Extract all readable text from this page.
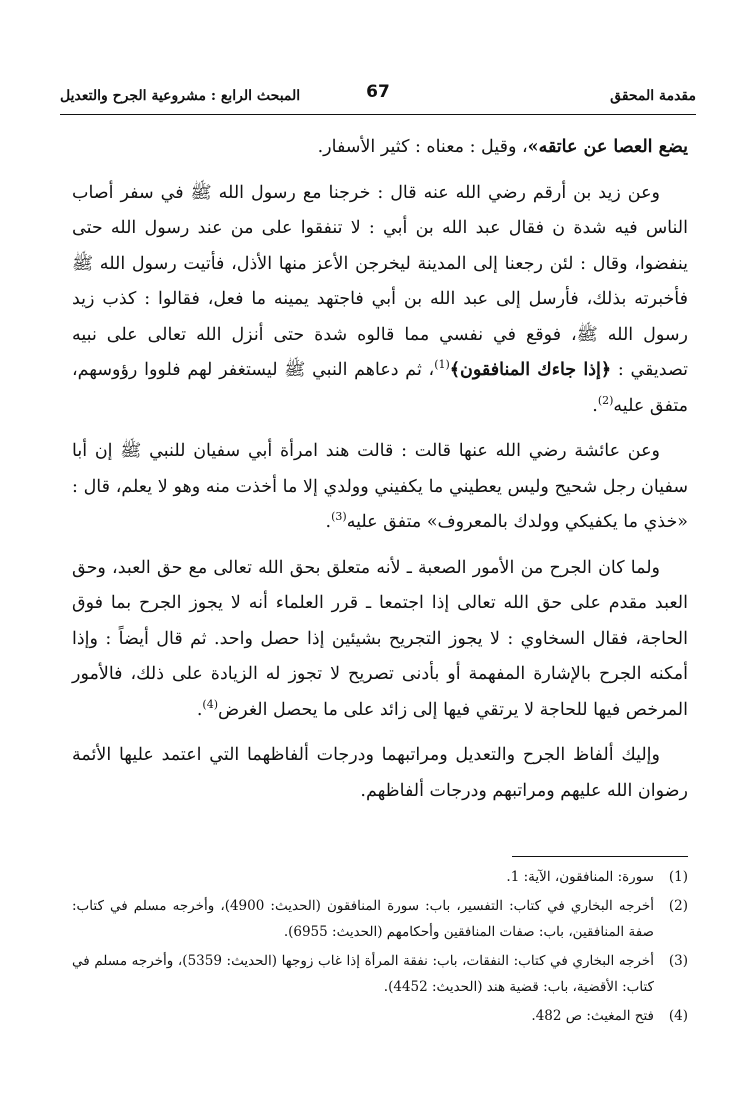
مقدمة المحقق
67
المبحث الرابع : مشروعية الجرح والتعديل

يضع العصا عن عاتقه»، وقيل : معناه : كثير الأسفار.

وعن زيد بن أرقم رضي الله عنه قال : خرجنا مع رسول الله ﷺ في سفر أصاب الناس فيه شدة ن فقال عبد الله بن أبي : لا تنفقوا على من عند رسول الله حتى ينفضوا، وقال : لئن رجعنا إلى المدينة ليخرجن الأعز منها الأذل، فأتيت رسول الله ﷺ فأخبرته بذلك، فأرسل إلى عبد الله بن أبي فاجتهد يمينه ما فعل، فقالوا : كذب زيد رسول الله ﷺ، فوقع في نفسي مما قالوه شدة حتى أنزل الله تعالى على نبيه تصديقي : ﴿إذا جاءك المنافقون﴾$^{(1)}$، ثم دعاهم النبي ﷺ ليستغفر لهم فلووا رؤوسهم، متفق عليه$^{(2)}$.

وعن عائشة رضي الله عنها قالت : قالت هند امرأة أبي سفيان للنبي ﷺ إن أبا سفيان رجل شحيح وليس يعطيني ما يكفيني وولدي إلا ما أخذت منه وهو لا يعلم، قال : «خذي ما يكفيكي وولدك بالمعروف» متفق عليه$^{(3)}$.

ولما كان الجرح من الأمور الصعبة ـ لأنه متعلق بحق الله تعالى مع حق العبد، وحق العبد مقدم على حق الله تعالى إذا اجتمعا ـ قرر العلماء أنه لا يجوز الجرح بما فوق الحاجة، فقال السخاوي : لا يجوز التجريح بشيئين إذا حصل واحد. ثم قال أيضاً : وإذا أمكنه الجرح بالإشارة المفهمة أو بأدنى تصريح لا تجوز له الزيادة على ذلك، فالأمور المرخص فيها للحاجة لا يرتقي فيها إلى زائد على ما يحصل الغرض$^{(4)}$.

وإليك ألفاظ الجرح والتعديل ومراتبهما ودرجات ألفاظهما التي اعتمد عليها الأئمة رضوان الله عليهم ومراتبهم ودرجات ألفاظهم.

(1)
سورة: المنافقون، الآية: 1.
(2)
أخرجه البخاري في كتاب: التفسير، باب: سورة المنافقون (الحديث: 4900)، وأخرجه مسلم في كتاب: صفة المنافقين، باب: صفات المنافقين وأحكامهم (الحديث: 6955).
(3)
أخرجه البخاري في كتاب: النفقات، باب: نفقة المرأة إذا غاب زوجها (الحديث: 5359)، وأخرجه مسلم في كتاب: الأقضية، باب: قضية هند (الحديث: 4452).
(4)
فتح المغيث: ص 482.
